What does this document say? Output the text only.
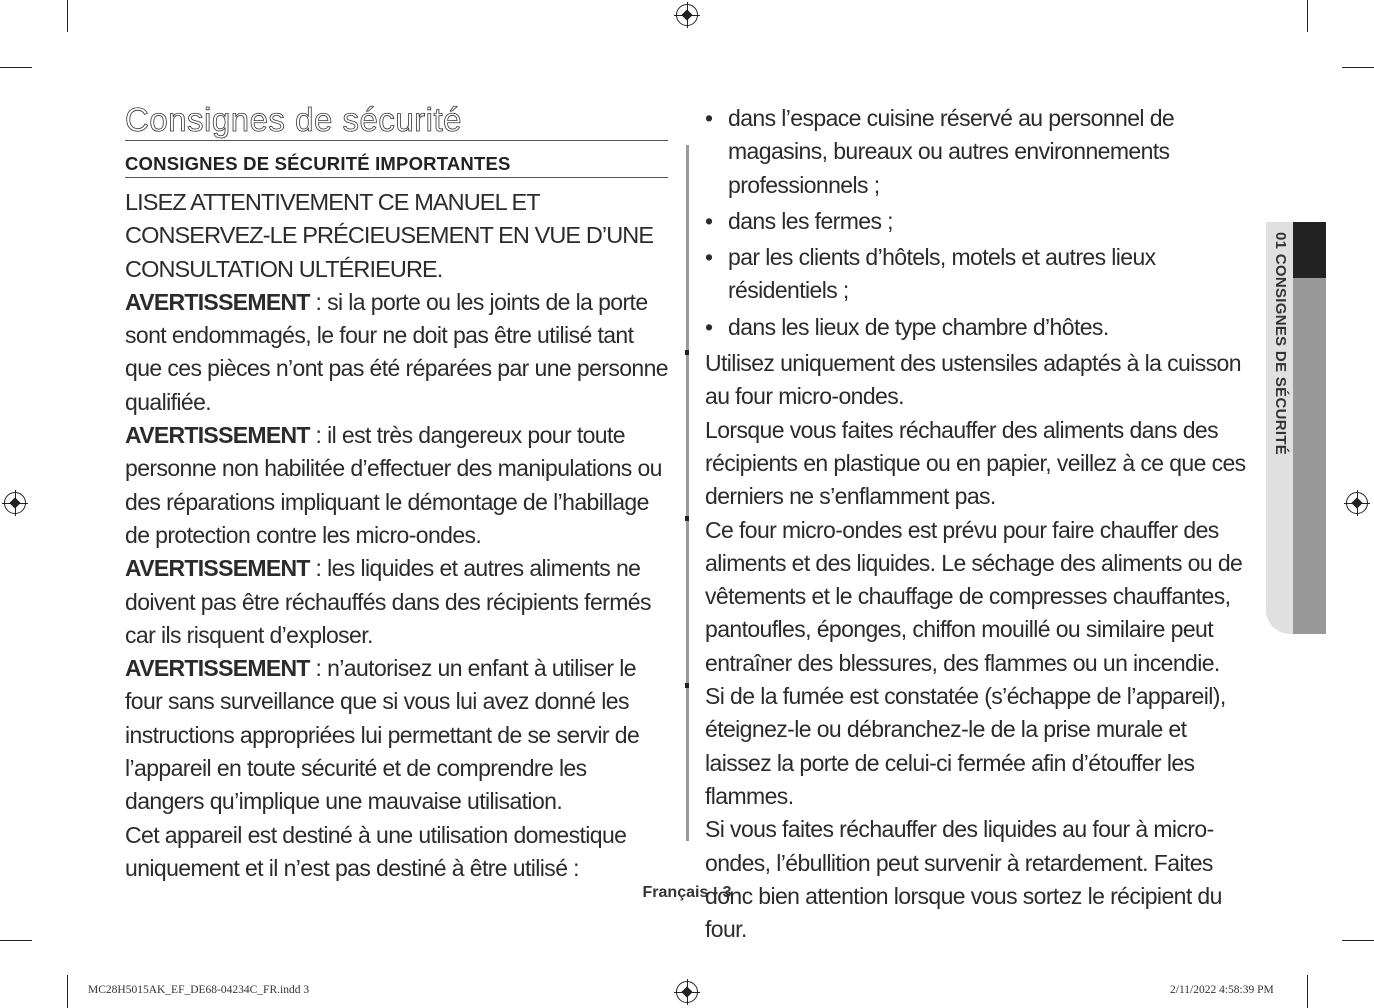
Consignes de sécurité
CONSIGNES DE SÉCURITÉ IMPORTANTES

LISEZ ATTENTIVEMENT CE MANUEL ET CONSERVEZ-LE PRÉCIEUSEMENT EN VUE D’UNE CONSULTATION ULTÉRIEURE.

AVERTISSEMENT : si la porte ou les joints de la porte sont endommagés, le four ne doit pas être utilisé tant que ces pièces n’ont pas été réparées par une personne qualifiée.

AVERTISSEMENT : il est très dangereux pour toute personne non habilitée d’effectuer des manipulations ou des réparations impliquant le démontage de l’habillage de protection contre les micro-ondes.

AVERTISSEMENT : les liquides et autres aliments ne doivent pas être réchauffés dans des récipients fermés car ils risquent d’exploser.

AVERTISSEMENT : n’autorisez un enfant à utiliser le four sans surveillance que si vous lui avez donné les instructions appropriées lui permettant de se servir de l’appareil en toute sécurité et de comprendre les dangers qu’implique une mauvaise utilisation.

Cet appareil est destiné à une utilisation domestique uniquement et il n’est pas destiné à être utilisé :

• dans l’espace cuisine réservé au personnel de magasins, bureaux ou autres environnements professionnels ;
• dans les fermes ;
• par les clients d’hôtels, motels et autres lieux résidentiels ;
• dans les lieux de type chambre d’hôtes.

Utilisez uniquement des ustensiles adaptés à la cuisson au four micro-ondes.

Lorsque vous faites réchauffer des aliments dans des récipients en plastique ou en papier, veillez à ce que ces derniers ne s’enflamment pas.

Ce four micro-ondes est prévu pour faire chauffer des aliments et des liquides. Le séchage des aliments ou de vêtements et le chauffage de compresses chauffantes, pantoufles, éponges, chiffon mouillé ou similaire peut entraîner des blessures, des flammes ou un incendie.

Si de la fumée est constatée (s’échappe de l’appareil), éteignez-le ou débranchez-le de la prise murale et laissez la porte de celui-ci fermée afin d’étouffer les flammes.

Si vous faites réchauffer des liquides au four à micro-ondes, l’ébullition peut survenir à retardement. Faites donc bien attention lorsque vous sortez le récipient du four.

01 CONSIGNES DE SÉCURITÉ
Français - 3
MC28H5015AK_EF_DE68-04234C_FR.indd 3	2/11/2022 4:58:39 PM
